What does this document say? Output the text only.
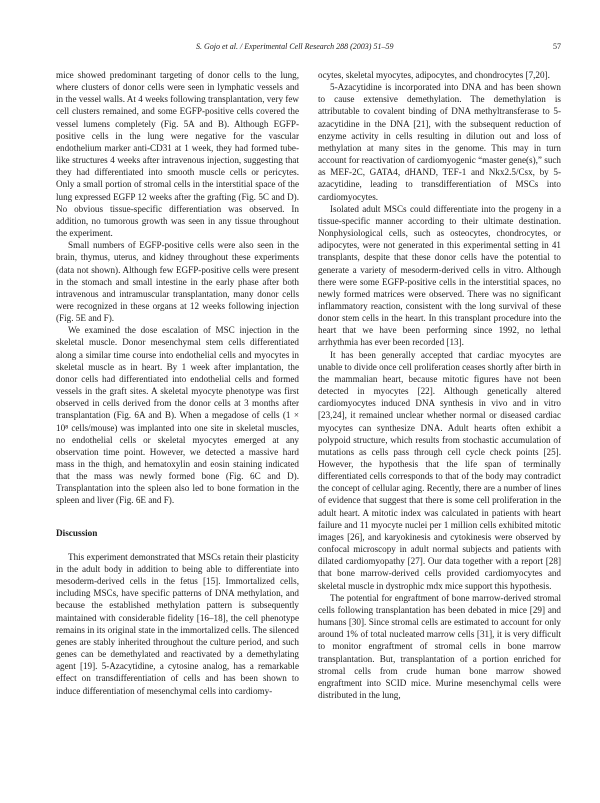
S. Gojo et al. / Experimental Cell Research 288 (2003) 51–59	57

mice showed predominant targeting of donor cells to the lung, where clusters of donor cells were seen in lymphatic vessels and in the vessel walls. At 4 weeks following transplantation, very few cell clusters remained, and some EGFP-positive cells covered the vessel lumens completely (Fig. 5A and B). Although EGFP-positive cells in the lung were negative for the vascular endothelium marker anti-CD31 at 1 week, they had formed tube-like structures 4 weeks after intravenous injection, suggesting that they had differentiated into smooth muscle cells or pericytes. Only a small portion of stromal cells in the interstitial space of the lung expressed EGFP 12 weeks after the grafting (Fig. 5C and D). No obvious tissue-specific differentiation was observed. In addition, no tumorous growth was seen in any tissue throughout the experiment.

Small numbers of EGFP-positive cells were also seen in the brain, thymus, uterus, and kidney throughout these experiments (data not shown). Although few EGFP-positive cells were present in the stomach and small intestine in the early phase after both intravenous and intramuscular transplantation, many donor cells were recognized in these organs at 12 weeks following injection (Fig. 5E and F).

We examined the dose escalation of MSC injection in the skeletal muscle. Donor mesenchymal stem cells differentiated along a similar time course into endothelial cells and myocytes in skeletal muscle as in heart. By 1 week after implantation, the donor cells had differentiated into endothelial cells and formed vessels in the graft sites. A skeletal myocyte phenotype was first observed in cells derived from the donor cells at 3 months after transplantation (Fig. 6A and B). When a megadose of cells (1 × 10⁸ cells/mouse) was implanted into one site in skeletal muscles, no endothelial cells or skeletal myocytes emerged at any observation time point. However, we detected a massive hard mass in the thigh, and hematoxylin and eosin staining indicated that the mass was newly formed bone (Fig. 6C and D). Transplantation into the spleen also led to bone formation in the spleen and liver (Fig. 6E and F).

Discussion

This experiment demonstrated that MSCs retain their plasticity in the adult body in addition to being able to differentiate into mesoderm-derived cells in the fetus [15]. Immortalized cells, including MSCs, have specific patterns of DNA methylation, and because the established methylation pattern is subsequently maintained with considerable fidelity [16–18], the cell phenotype remains in its original state in the immortalized cells. The silenced genes are stably inherited throughout the culture period, and such genes can be demethylated and reactivated by a demethylating agent [19]. 5-Azacytidine, a cytosine analog, has a remarkable effect on transdifferentiation of cells and has been shown to induce differentiation of mesenchymal cells into cardiomy-

ocytes, skeletal myocytes, adipocytes, and chondrocytes [7,20].

5-Azacytidine is incorporated into DNA and has been shown to cause extensive demethylation. The demethylation is attributable to covalent binding of DNA methyltransferase to 5-azacytidine in the DNA [21], with the subsequent reduction of enzyme activity in cells resulting in dilution out and loss of methylation at many sites in the genome. This may in turn account for reactivation of cardiomyogenic “master gene(s),” such as MEF-2C, GATA4, dHAND, TEF-1 and Nkx2.5/Csx, by 5-azacytidine, leading to transdifferentiation of MSCs into cardiomyocytes.

Isolated adult MSCs could differentiate into the progeny in a tissue-specific manner according to their ultimate destination. Nonphysiological cells, such as osteocytes, chondrocytes, or adipocytes, were not generated in this experimental setting in 41 transplants, despite that these donor cells have the potential to generate a variety of mesoderm-derived cells in vitro. Although there were some EGFP-positive cells in the interstitial spaces, no newly formed matrices were observed. There was no significant inflammatory reaction, consistent with the long survival of these donor stem cells in the heart. In this transplant procedure into the heart that we have been performing since 1992, no lethal arrhythmia has ever been recorded [13].

It has been generally accepted that cardiac myocytes are unable to divide once cell proliferation ceases shortly after birth in the mammalian heart, because mitotic figures have not been detected in myocytes [22]. Although genetically altered cardiomyocytes induced DNA synthesis in vivo and in vitro [23,24], it remained unclear whether normal or diseased cardiac myocytes can synthesize DNA. Adult hearts often exhibit a polypoid structure, which results from stochastic accumulation of mutations as cells pass through cell cycle check points [25]. However, the hypothesis that the life span of terminally differentiated cells corresponds to that of the body may contradict the concept of cellular aging. Recently, there are a number of lines of evidence that suggest that there is some cell proliferation in the adult heart. A mitotic index was calculated in patients with heart failure and 11 myocyte nuclei per 1 million cells exhibited mitotic images [26], and karyokinesis and cytokinesis were observed by confocal microscopy in adult normal subjects and patients with dilated cardiomyopathy [27]. Our data together with a report [28] that bone marrow-derived cells provided cardiomyocytes and skeletal muscle in dystrophic mdx mice support this hypothesis.

The potential for engraftment of bone marrow-derived stromal cells following transplantation has been debated in mice [29] and humans [30]. Since stromal cells are estimated to account for only around 1% of total nucleated marrow cells [31], it is very difficult to monitor engraftment of stromal cells in bone marrow transplantation. But, transplantation of a portion enriched for stromal cells from crude human bone marrow showed engraftment into SCID mice. Murine mesenchymal cells were distributed in the lung,
